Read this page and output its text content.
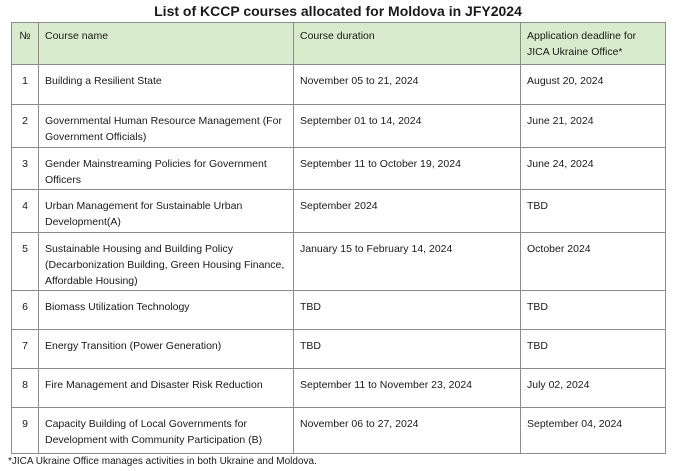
List of KCCP courses allocated for Moldova in JFY2024
№	Course name	Course duration	Application deadline for JICA Ukraine Office*
1	Building a Resilient State	November 05 to 21, 2024	August 20, 2024
2	Governmental Human Resource Management (For Government Officials)	September 01 to 14, 2024	June 21, 2024
3	Gender Mainstreaming Policies for Government Officers	September 11 to October 19, 2024	June 24, 2024
4	Urban Management for Sustainable Urban Development(A)	September 2024	TBD
5	Sustainable Housing and Building Policy (Decarbonization Building, Green Housing Finance, Affordable Housing)	January 15 to February 14, 2024	October 2024
6	Biomass Utilization Technology	TBD	TBD
7	Energy Transition (Power Generation)	TBD	TBD
8	Fire Management and Disaster Risk Reduction	September 11 to November 23, 2024	July 02, 2024
9	Capacity Building of Local Governments for Development with Community Participation (B)	November 06 to 27, 2024	September 04, 2024
*JICA Ukraine Office manages activities in both Ukraine and Moldova.
